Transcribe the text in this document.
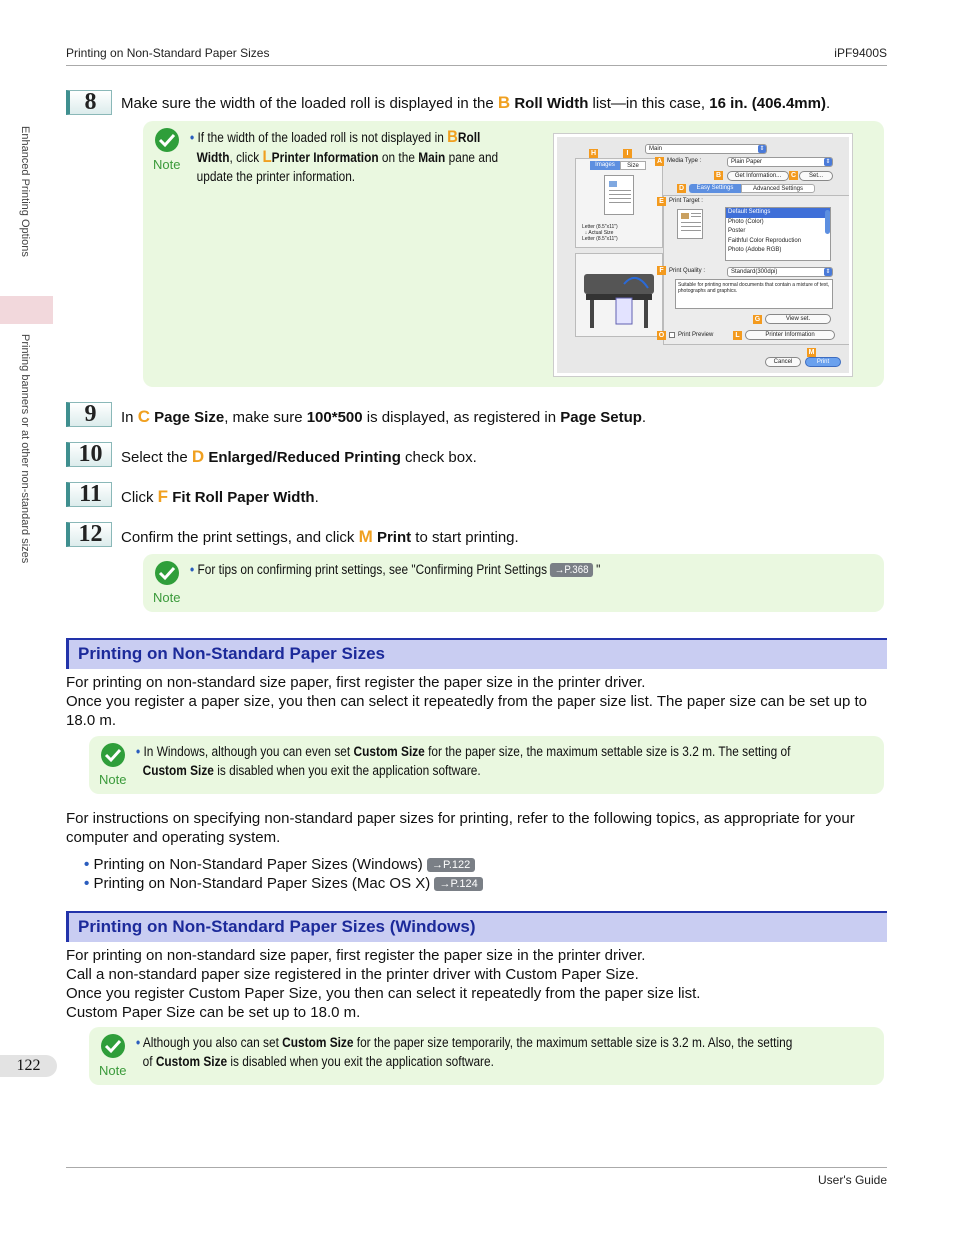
Printing on Non-Standard Paper Sizes	iPF9400S
Enhanced Printing Options
Printing banners or at other non-standard sizes
122
User's Guide
8	Make sure the width of the loaded roll is displayed in the B Roll Width list—in this case, 16 in. (406.4mm).
Note
• If the width of the loaded roll is not displayed in BRoll
Width, click LPrinter Information on the Main pane and
update the printer information.
H	I
Main ⇕
Images	Size
Letter (8.5"x11")
↓ Actual Size
Letter (8.5"x11")
A Media Type :	Plain Paper ⇕
B	Get Information...	C	Set...
D	Easy Settings	Advanced Settings
E Print Target :
Default Settings
Photo (Color)
Poster
Faithful Color Reproduction
Photo (Adobe RGB)
F Print Quality :	Standard(300dpi) ⇕
Suitable for printing normal documents that contain a mixture of text, photographs and graphics.
G	View set.
O Print Preview	L	Printer Information
M
Cancel	Print
9	In C Page Size, make sure 100*500 is displayed, as registered in Page Setup.
10	Select the D Enlarged/Reduced Printing check box.
11	Click F Fit Roll Paper Width.
12	Confirm the print settings, and click M Print to start printing.
Note
• For tips on confirming print settings, see "Confirming Print Settings →P.368 "
Printing on Non-Standard Paper Sizes
For printing on non-standard size paper, first register the paper size in the printer driver.
Once you register a paper size, you then can select it repeatedly from the paper size list. The paper size can be set up to 18.0 m.
Note
• In Windows, although you can even set Custom Size for the paper size, the maximum settable size is 3.2 m. The setting of
Custom Size is disabled when you exit the application software.
For instructions on specifying non-standard paper sizes for printing, refer to the following topics, as appropriate for your computer and operating system.
• Printing on Non-Standard Paper Sizes (Windows) →P.122
• Printing on Non-Standard Paper Sizes (Mac OS X) →P.124
Printing on Non-Standard Paper Sizes (Windows)
For printing on non-standard size paper, first register the paper size in the printer driver.
Call a non-standard paper size registered in the printer driver with Custom Paper Size.
Once you register Custom Paper Size, you then can select it repeatedly from the paper size list.
Custom Paper Size can be set up to 18.0 m.
Note
• Although you also can set Custom Size for the paper size temporarily, the maximum settable size is 3.2 m. Also, the setting
of Custom Size is disabled when you exit the application software.
